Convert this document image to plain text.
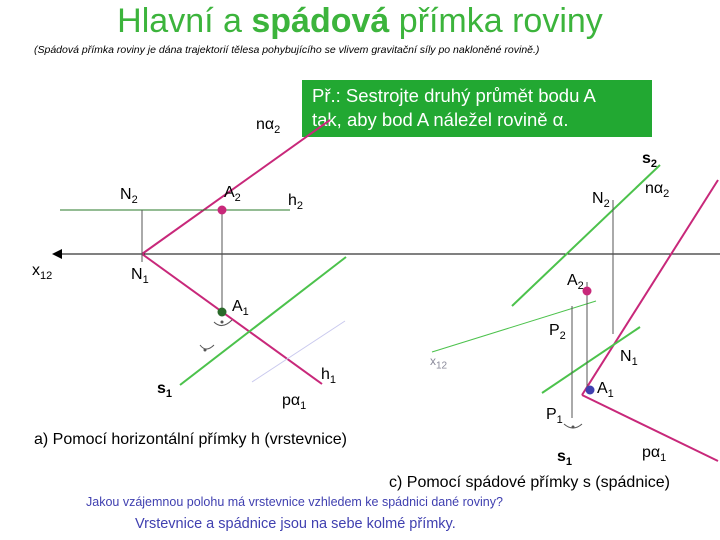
Hlavní a spádová přímka roviny
(Spádová přímka roviny je dána trajektorií tělesa pohybujícího se vlivem gravitační síly po nakloněné rovině.)
Př.: Sestrojte druhý průmět bodu A
tak, aby bod A náležel rovině α.
$n\alpha_2$
$N_2$	$A_2$	$h_2$
$x_{12}$	$N_1$
$A_1$
$s_1$
$h_1$
$p\alpha_1$
$s_2$
$N_2$
$n\alpha_2$
$A_2$
$P_2$
$x_{12}$
$N_1$
$A_1$
$P_1$
$s_1$
$p\alpha_1$
a) Pomocí horizontální přímky h (vrstevnice)
c) Pomocí spádové přímky s (spádnice)
Jakou vzájemnou polohu má vrstevnice vzhledem ke spádnici dané roviny?
Vrstevnice a spádnice jsou na sebe kolmé přímky.
